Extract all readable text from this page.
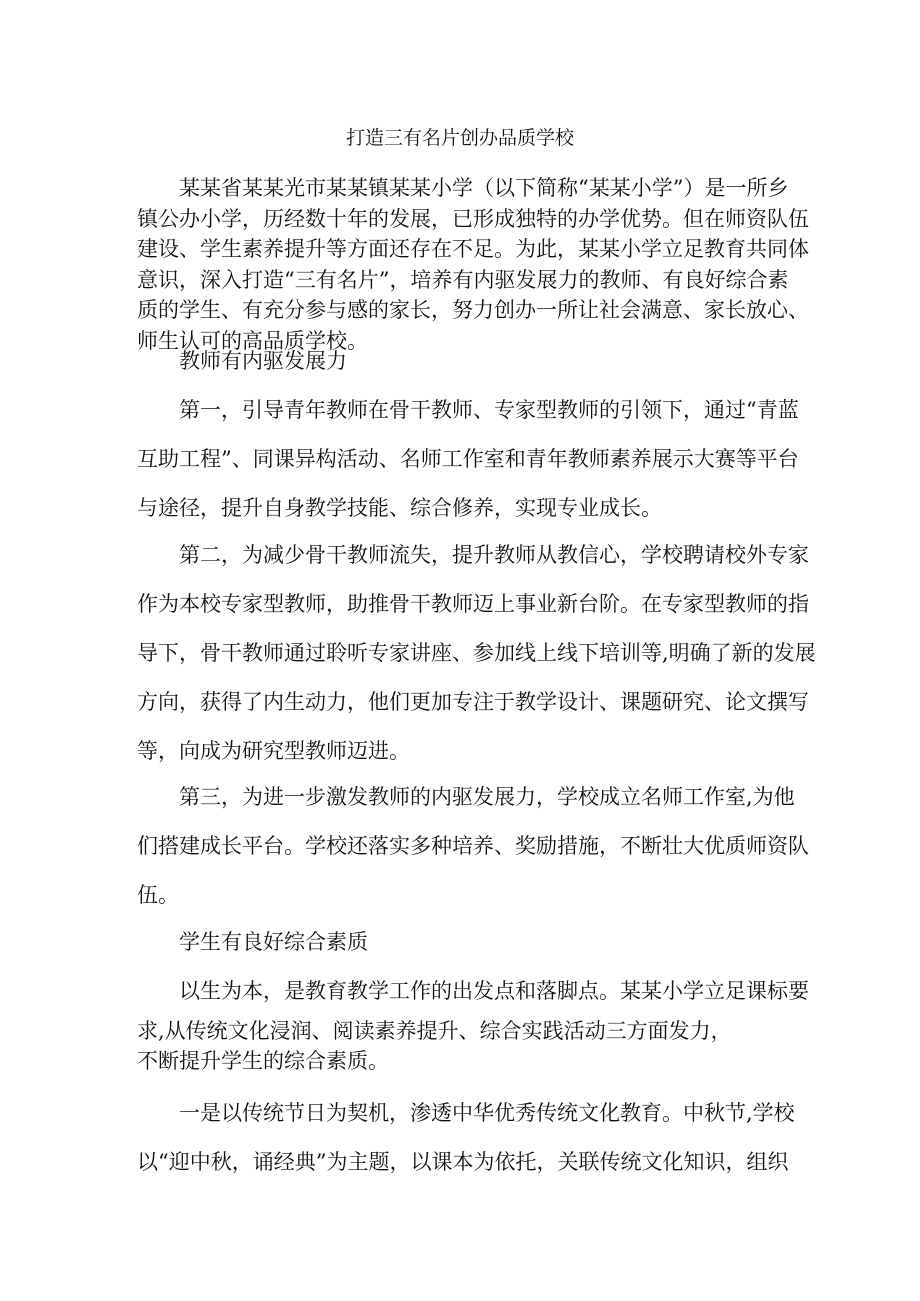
打造三有名片创办品质学校
某某省某某光市某某镇某某小学（以下简称“某某小学”）是一所乡
镇公办小学，历经数十年的发展，已形成独特的办学优势。但在师资队伍
建设、学生素养提升等方面还存在不足。为此，某某小学立足教育共同体
意识，深入打造“三有名片”，培养有内驱发展力的教师、有良好综合素
质的学生、有充分参与感的家长，努力创办一所让社会满意、家长放心、
师生认可的高品质学校。
教师有内驱发展力
第一，引导青年教师在骨干教师、专家型教师的引领下，通过“青蓝
互助工程”、同课异构活动、名师工作室和青年教师素养展示大赛等平台
与途径，提升自身教学技能、综合修养，实现专业成长。
第二，为减少骨干教师流失，提升教师从教信心，学校聘请校外专家
作为本校专家型教师，助推骨干教师迈上事业新台阶。在专家型教师的指
导下，骨干教师通过聆听专家讲座、参加线上线下培训等,明确了新的发展
方向，获得了内生动力，他们更加专注于教学设计、课题研究、论文撰写
等，向成为研究型教师迈进。
第三，为进一步激发教师的内驱发展力，学校成立名师工作室,为他
们搭建成长平台。学校还落实多种培养、奖励措施，不断壮大优质师资队
伍。
学生有良好综合素质
以生为本，是教育教学工作的出发点和落脚点。某某小学立足课标要
求,从传统文化浸润、阅读素养提升、综合实践活动三方面发力，
不断提升学生的综合素质。
一是以传统节日为契机，渗透中华优秀传统文化教育。中秋节,学校
以“迎中秋，诵经典”为主题，以课本为依托，关联传统文化知识，组织
